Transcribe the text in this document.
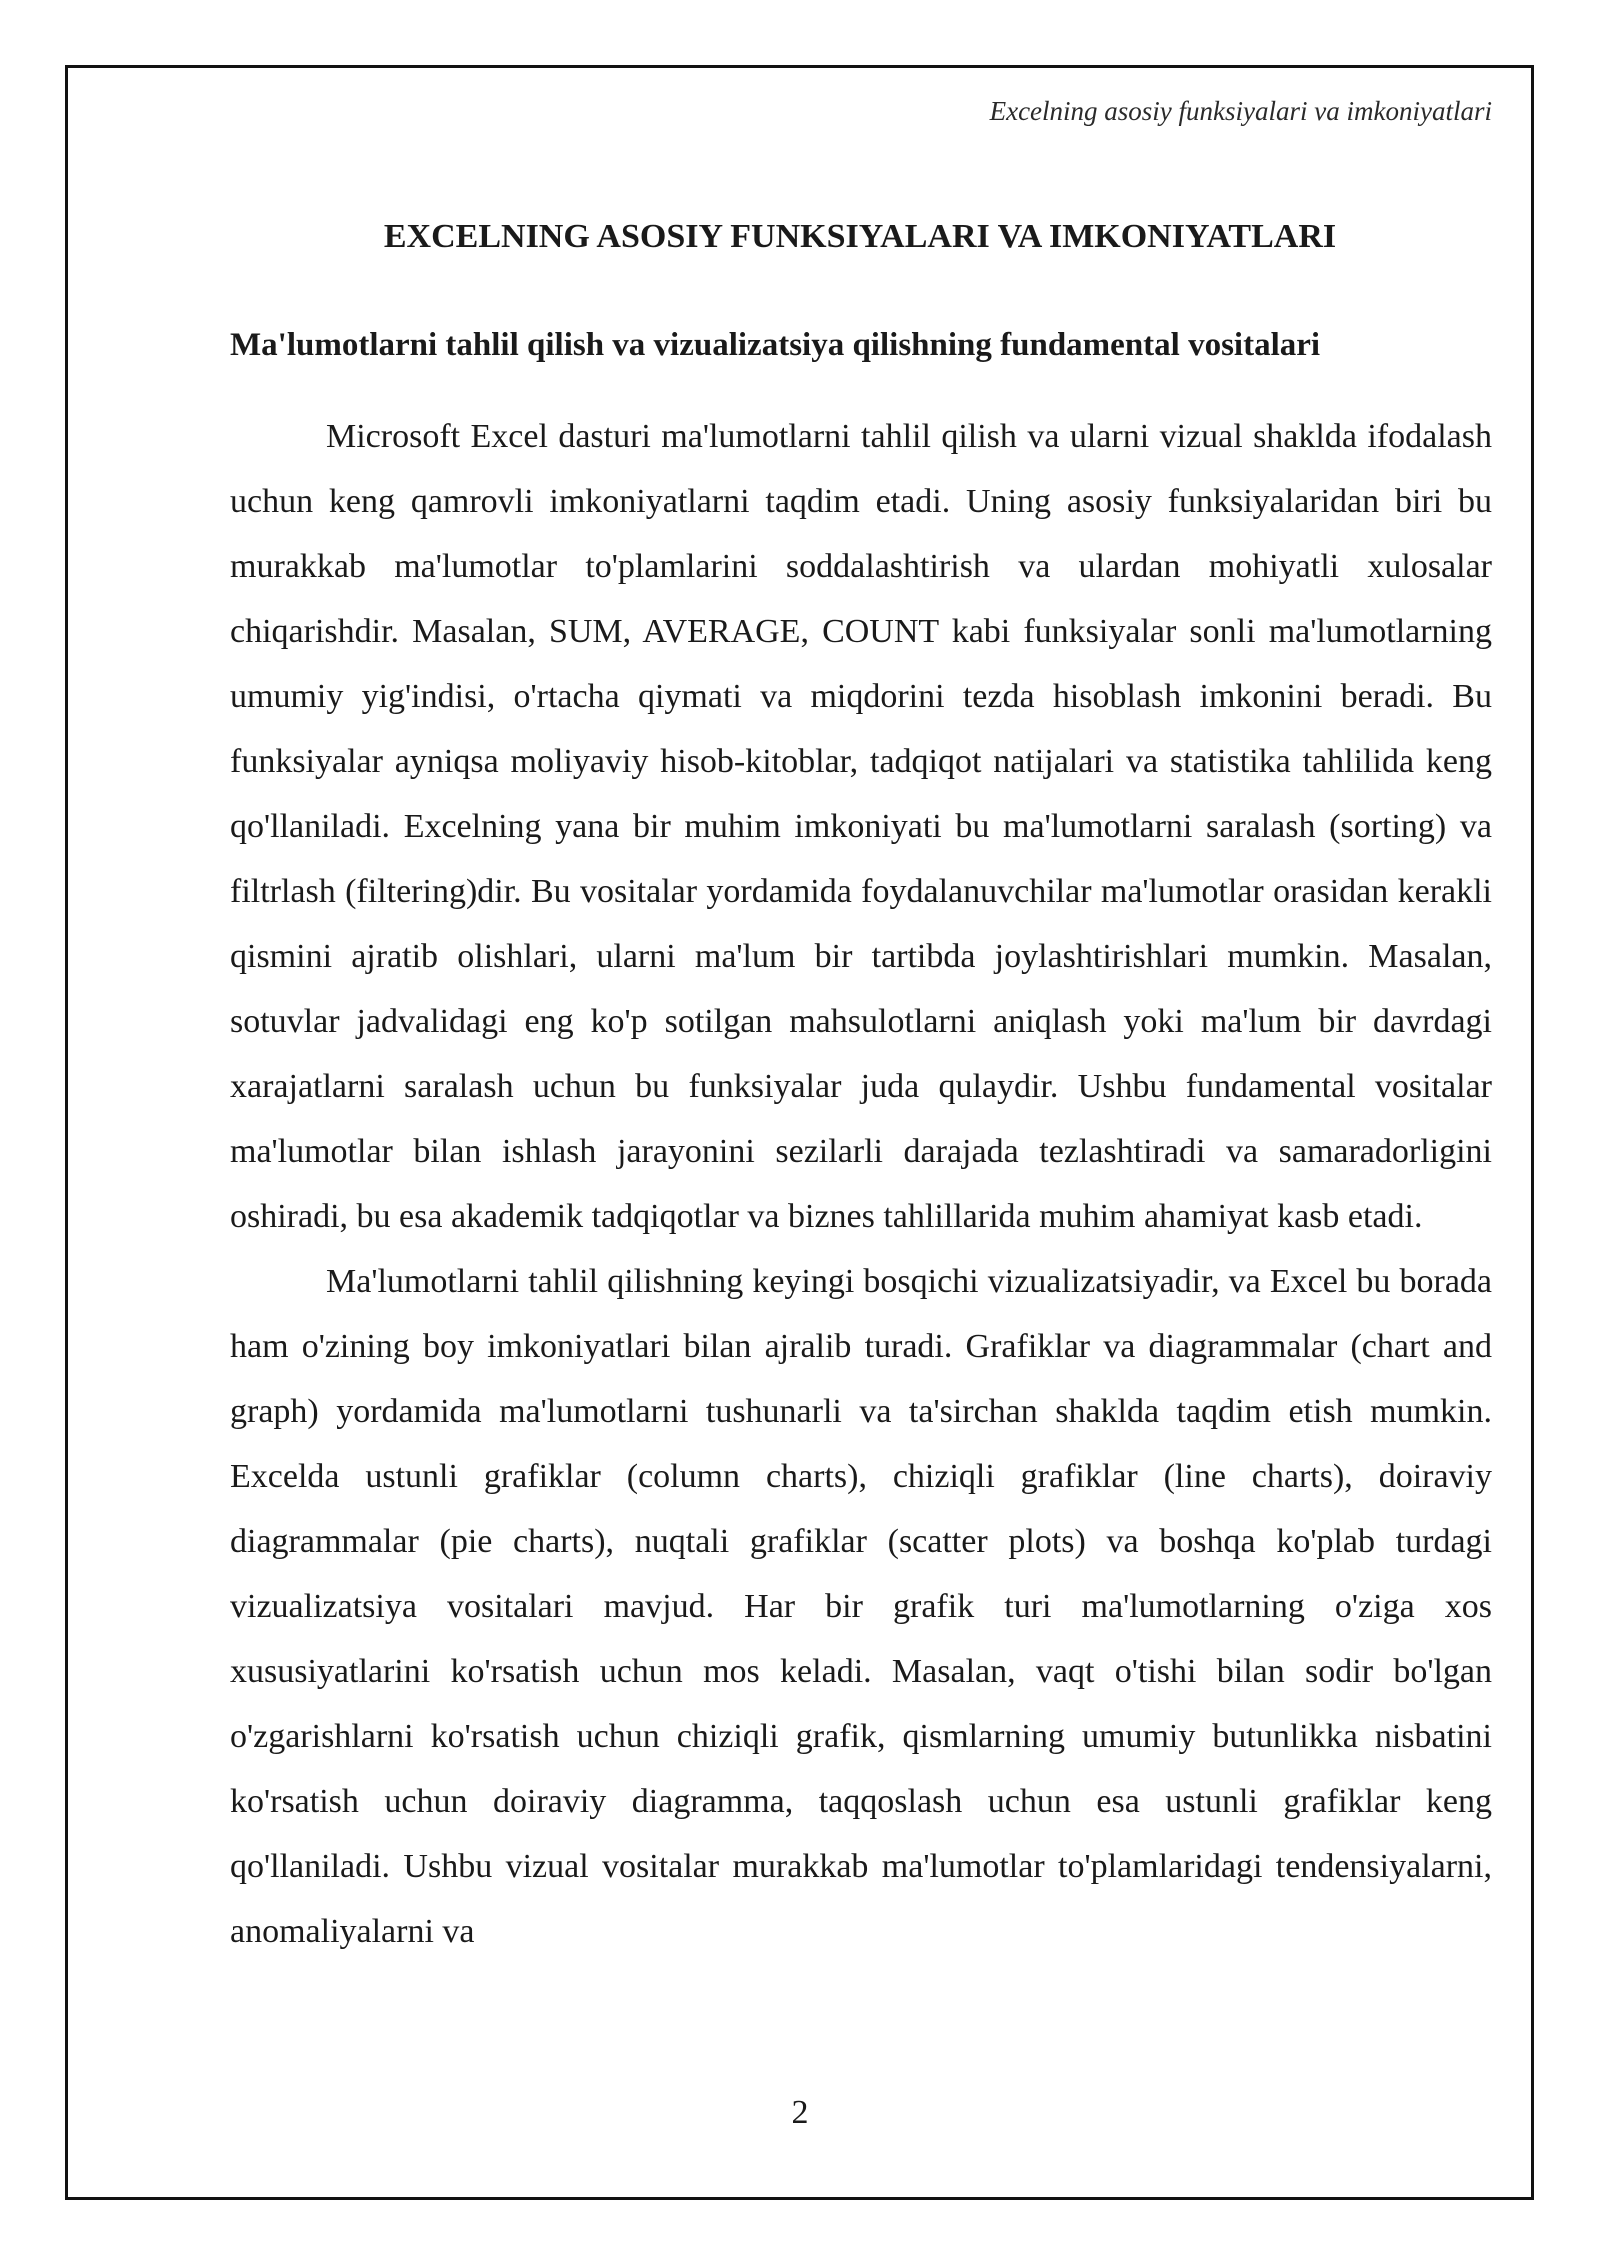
Excelning asosiy funksiyalari va imkoniyatlari
EXCELNING ASOSIY FUNKSIYALARI VA IMKONIYATLARI
Ma'lumotlarni tahlil qilish va vizualizatsiya qilishning fundamental vositalari

Microsoft Excel dasturi ma'lumotlarni tahlil qilish va ularni vizual shaklda ifodalash uchun keng qamrovli imkoniyatlarni taqdim etadi. Uning asosiy funksiyalaridan biri bu murakkab ma'lumotlar to'plamlarini soddalashtirish va ulardan mohiyatli xulosalar chiqarishdir. Masalan, SUM, AVERAGE, COUNT kabi funksiyalar sonli ma'lumotlarning umumiy yig'indisi, o'rtacha qiymati va miqdorini tezda hisoblash imkonini beradi. Bu funksiyalar ayniqsa moliyaviy hisob-kitoblar, tadqiqot natijalari va statistika tahlilida keng qo'llaniladi. Excelning yana bir muhim imkoniyati bu ma'lumotlarni saralash (sorting) va filtrlash (filtering)dir. Bu vositalar yordamida foydalanuvchilar ma'lumotlar orasidan kerakli qismini ajratib olishlari, ularni ma'lum bir tartibda joylashtirishlari mumkin. Masalan, sotuvlar jadvalidagi eng ko'p sotilgan mahsulotlarni aniqlash yoki ma'lum bir davrdagi xarajatlarni saralash uchun bu funksiyalar juda qulaydir. Ushbu fundamental vositalar ma'lumotlar bilan ishlash jarayonini sezilarli darajada tezlashtiradi va samaradorligini oshiradi, bu esa akademik tadqiqotlar va biznes tahlillarida muhim ahamiyat kasb etadi.

Ma'lumotlarni tahlil qilishning keyingi bosqichi vizualizatsiyadir, va Excel bu borada ham o'zining boy imkoniyatlari bilan ajralib turadi. Grafiklar va diagrammalar (chart and graph) yordamida ma'lumotlarni tushunarli va ta'sirchan shaklda taqdim etish mumkin. Excelda ustunli grafiklar (column charts), chiziqli grafiklar (line charts), doiraviy diagrammalar (pie charts), nuqtali grafiklar (scatter plots) va boshqa ko'plab turdagi vizualizatsiya vositalari mavjud. Har bir grafik turi ma'lumotlarning o'ziga xos xususiyatlarini ko'rsatish uchun mos keladi. Masalan, vaqt o'tishi bilan sodir bo'lgan o'zgarishlarni ko'rsatish uchun chiziqli grafik, qismlarning umumiy butunlikka nisbatini ko'rsatish uchun doiraviy diagramma, taqqoslash uchun esa ustunli grafiklar keng qo'llaniladi. Ushbu vizual vositalar murakkab ma'lumotlar to'plamlaridagi tendensiyalarni, anomaliyalarni va

2
